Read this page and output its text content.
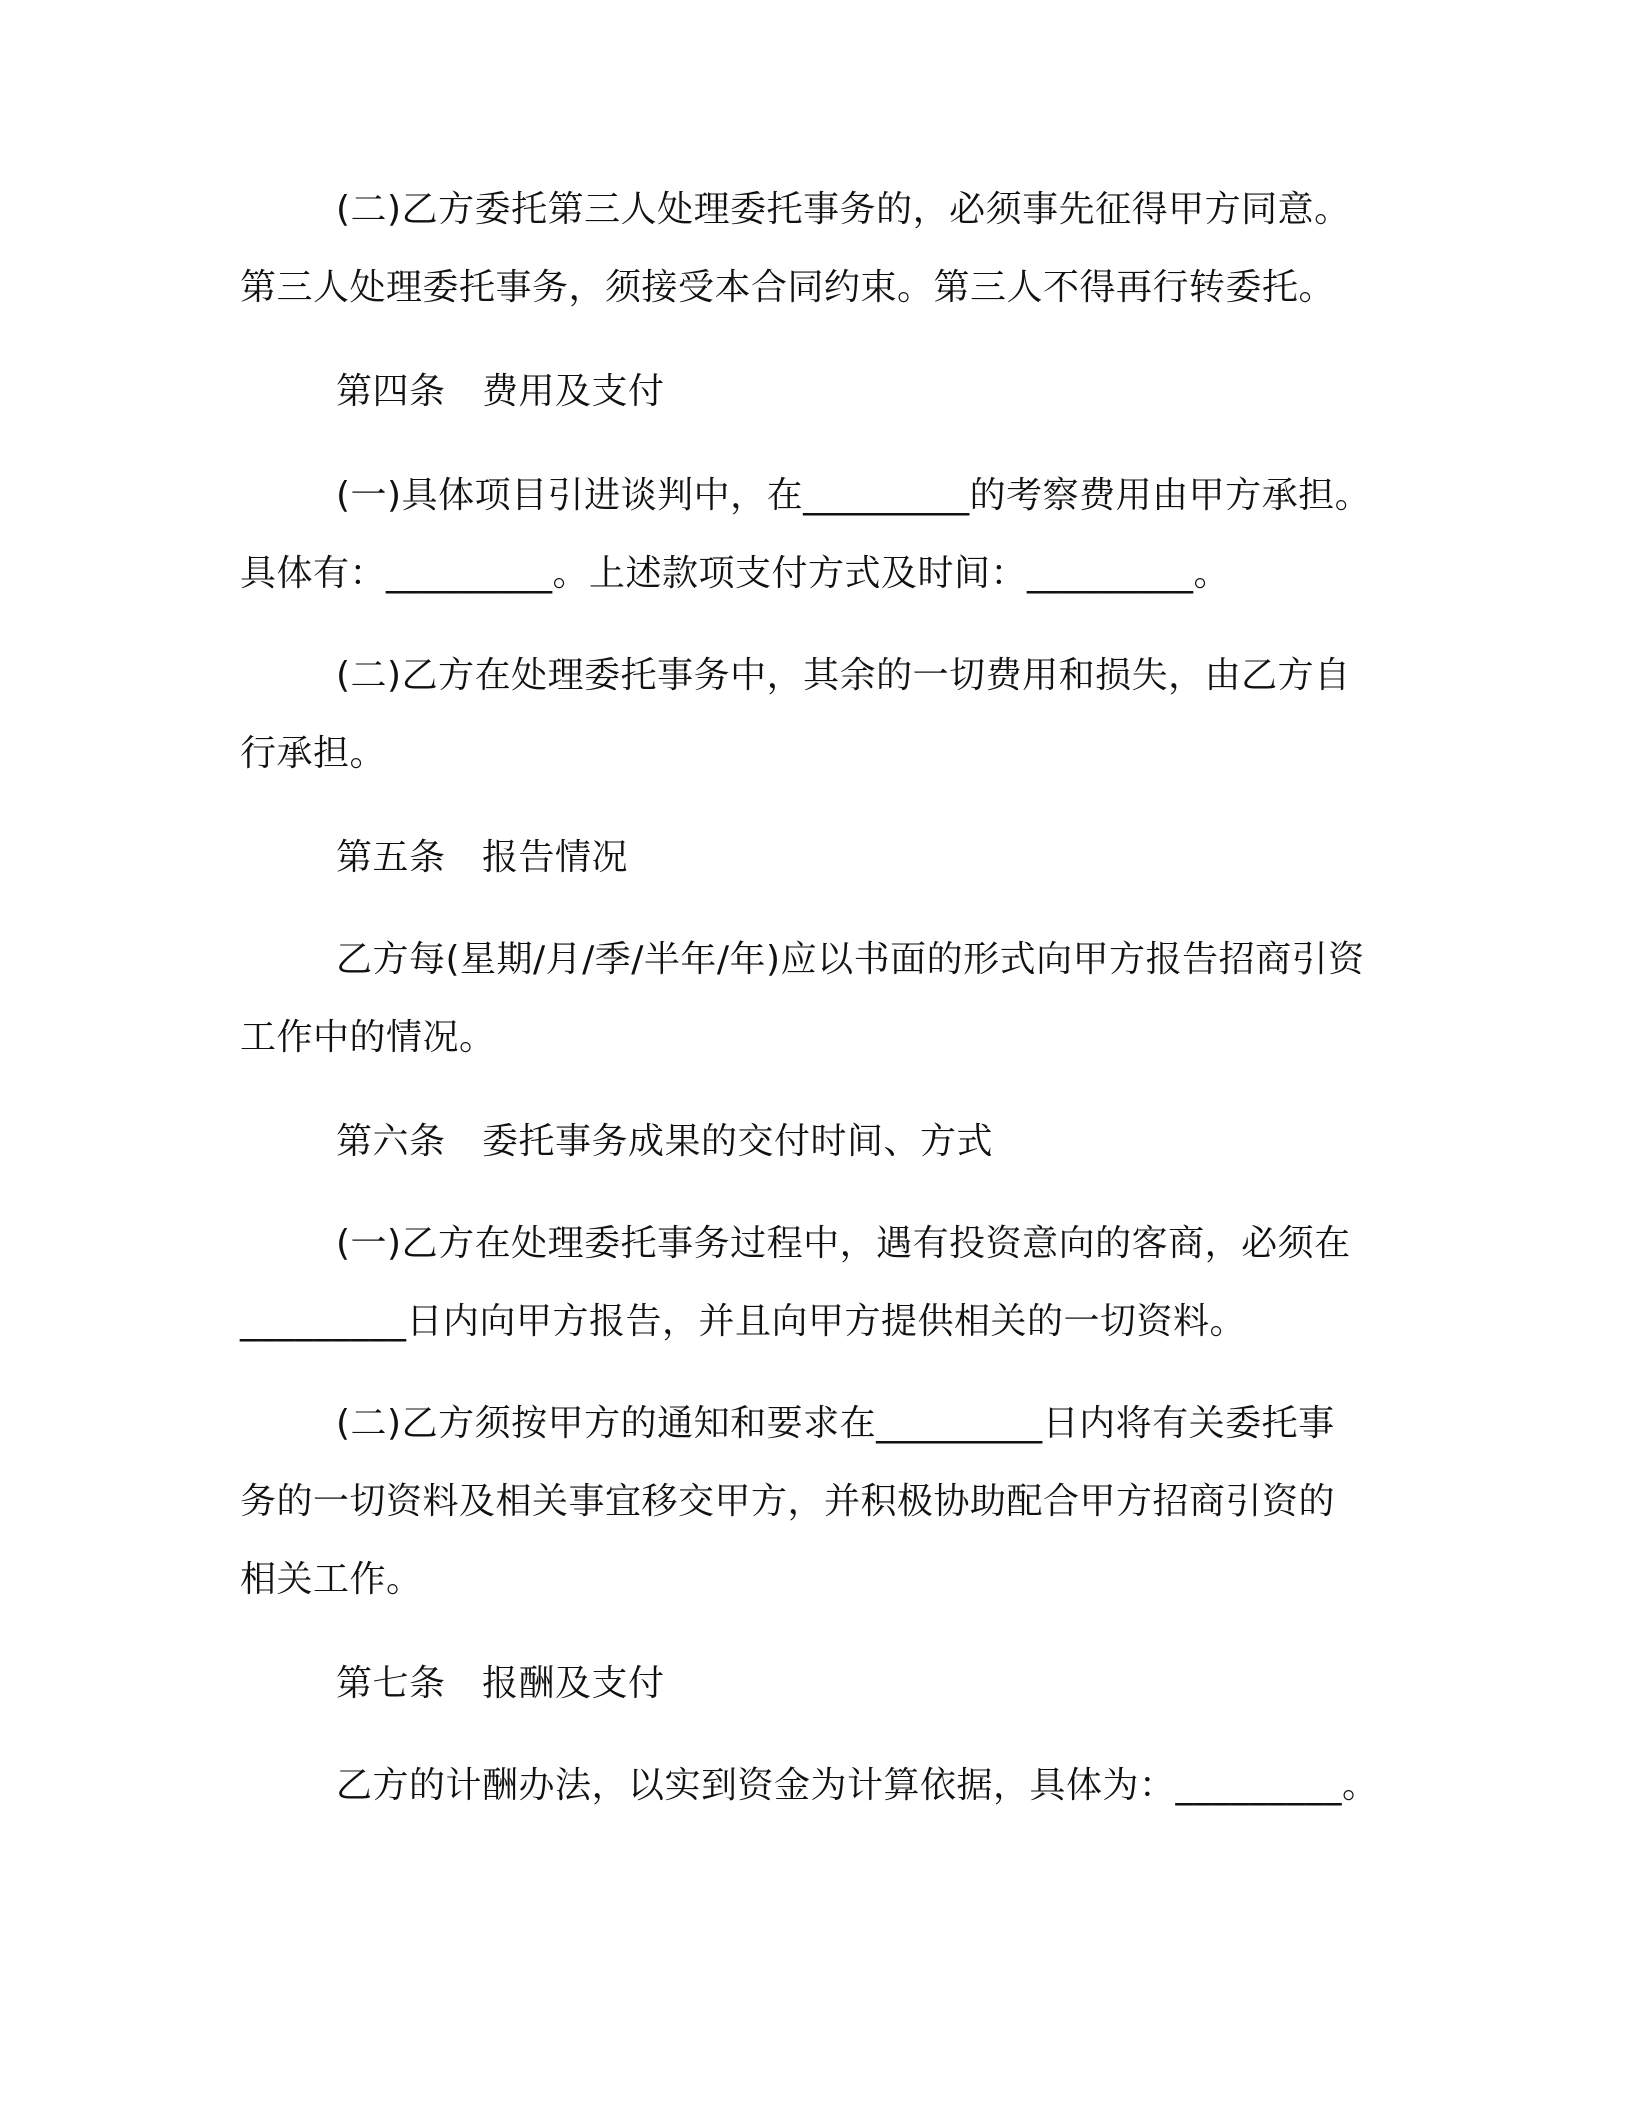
(二)乙方委托第三人处理委托事务的，必须事先征得甲方同意。
第三人处理委托事务，须接受本合同约束。第三人不得再行转委托。
第四条　费用及支付
(一)具体项目引进谈判中，在_________的考察费用由甲方承担。
具体有：_________。上述款项支付方式及时间：_________。
(二)乙方在处理委托事务中，其余的一切费用和损失，由乙方自
行承担。
第五条　报告情况
乙方每(星期/月/季/半年/年)应以书面的形式向甲方报告招商引资
工作中的情况。
第六条　委托事务成果的交付时间、方式
(一)乙方在处理委托事务过程中，遇有投资意向的客商，必须在
_________日内向甲方报告，并且向甲方提供相关的一切资料。
(二)乙方须按甲方的通知和要求在_________日内将有关委托事
务的一切资料及相关事宜移交甲方，并积极协助配合甲方招商引资的
相关工作。
第七条　报酬及支付
乙方的计酬办法，以实到资金为计算依据，具体为：_________。
